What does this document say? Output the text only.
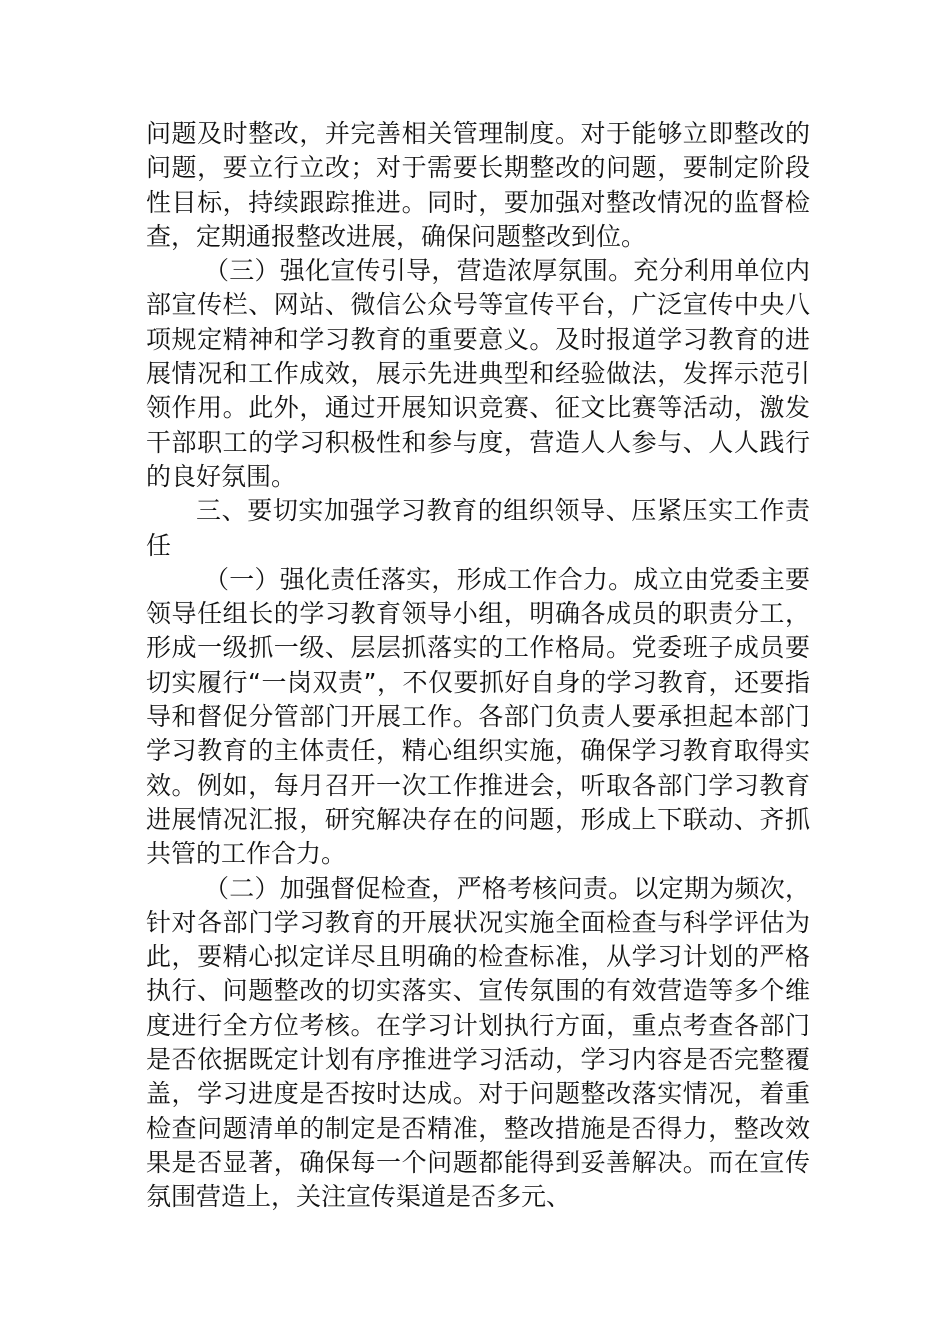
问题及时整改，并完善相关管理制度。对于能够立即整改的问题，要立行立改；对于需要长期整改的问题，要制定阶段性目标，持续跟踪推进。同时，要加强对整改情况的监督检查，定期通报整改进展，确保问题整改到位。

（三）强化宣传引导，营造浓厚氛围。充分利用单位内部宣传栏、网站、微信公众号等宣传平台，广泛宣传中央八项规定精神和学习教育的重要意义。及时报道学习教育的进展情况和工作成效，展示先进典型和经验做法，发挥示范引领作用。此外，通过开展知识竞赛、征文比赛等活动，激发干部职工的学习积极性和参与度，营造人人参与、人人践行的良好氛围。

三、要切实加强学习教育的组织领导、压紧压实工作责任

（一）强化责任落实，形成工作合力。成立由党委主要领导任组长的学习教育领导小组，明确各成员的职责分工，形成一级抓一级、层层抓落实的工作格局。党委班子成员要切实履行“一岗双责”，不仅要抓好自身的学习教育，还要指导和督促分管部门开展工作。各部门负责人要承担起本部门学习教育的主体责任，精心组织实施，确保学习教育取得实效。例如，每月召开一次工作推进会，听取各部门学习教育进展情况汇报，研究解决存在的问题，形成上下联动、齐抓共管的工作合力。

（二）加强督促检查，严格考核问责。以定期为频次，针对各部门学习教育的开展状况实施全面检查与科学评估为此，要精心拟定详尽且明确的检查标准，从学习计划的严格执行、问题整改的切实落实、宣传氛围的有效营造等多个维度进行全方位考核。在学习计划执行方面，重点考查各部门是否依据既定计划有序推进学习活动，学习内容是否完整覆盖，学习进度是否按时达成。对于问题整改落实情况，着重检查问题清单的制定是否精准，整改措施是否得力，整改效果是否显著，确保每一个问题都能得到妥善解决。而在宣传氛围营造上，关注宣传渠道是否多元、
